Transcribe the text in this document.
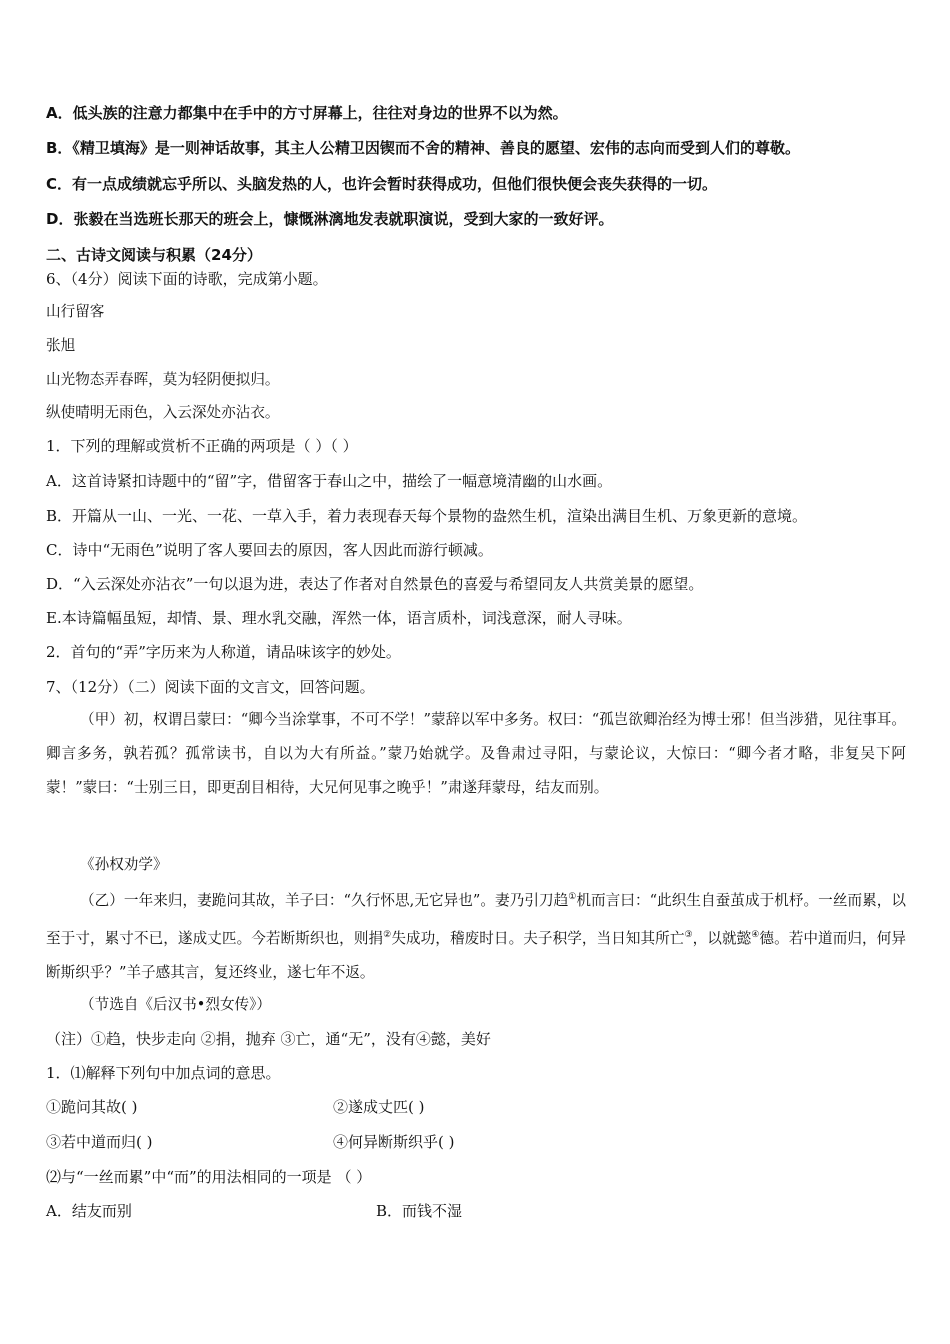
A．低头族的注意力都集中在手中的方寸屏幕上，往往对身边的世界不以为然。
B．《精卫填海》是一则神话故事，其主人公精卫因锲而不舍的精神、善良的愿望、宏伟的志向而受到人们的尊敬。
C．有一点成绩就忘乎所以、头脑发热的人，也许会暂时获得成功，但他们很快便会丧失获得的一切。
D．张毅在当选班长那天的班会上，慷慨淋漓地发表就职演说，受到大家的一致好评。
二、古诗文阅读与积累（24分）
6、（4分）阅读下面的诗歌，完成第小题。
山行留客
张旭
山光物态弄春晖，莫为轻阴便拟归。
纵使晴明无雨色，入云深处亦沾衣。
1．下列的理解或赏析不正确的两项是（ ）（ ）
A．这首诗紧扣诗题中的“留”字，借留客于春山之中，描绘了一幅意境清幽的山水画。
B．开篇从一山、一光、一花、一草入手，着力表现春天每个景物的盎然生机，渲染出满目生机、万象更新的意境。
C．诗中“无雨色”说明了客人要回去的原因，客人因此而游行顿减。
D．“入云深处亦沾衣”一句以退为进，表达了作者对自然景色的喜爱与希望同友人共赏美景的愿望。
E.本诗篇幅虽短，却情、景、理水乳交融，浑然一体，语言质朴，词浅意深，耐人寻味。
2．首句的“弄”字历来为人称道，请品味该字的妙处。
7、（12分）（二）阅读下面的文言文，回答问题。
（甲）初，权谓吕蒙曰：“卿今当涂掌事，不可不学！”蒙辞以军中多务。权曰：“孤岂欲卿治经为博士邪！但当涉猎，见往事耳。卿言多务，孰若孤？孤常读书，自以为大有所益。”蒙乃始就学。及鲁肃过寻阳，与蒙论议，大惊曰：“卿今者才略，非复吴下阿蒙！”蒙曰：“士别三日，即更刮目相待，大兄何见事之晚乎！”肃遂拜蒙母，结友而别。
《孙权劝学》
（乙）一年来归，妻跪问其故，羊子曰：“久行怀思,无它异也”。妻乃引刀趋①机而言曰：“此织生自蚕茧成于机杼。一丝而累，以至于寸，累寸不已，遂成丈匹。今若断斯织也，则捐②失成功，稽废时日。夫子积学，当日知其所亡③，以就懿④德。若中道而归，何异断斯织乎？”羊子感其言，复还终业，遂七年不返。
（节选自《后汉书•烈女传》）
（注）①趋，快步走向 ②捐，抛弃 ③亡，通“无”，没有④懿，美好
1．⑴解释下列句中加点词的意思。
①跪问其故( )	②遂成丈匹( )
③若中道而归( )	④何异断斯织乎( )
⑵与“一丝而累”中“而”的用法相同的一项是 （ ）
A．结友而别	B．而钱不湿
